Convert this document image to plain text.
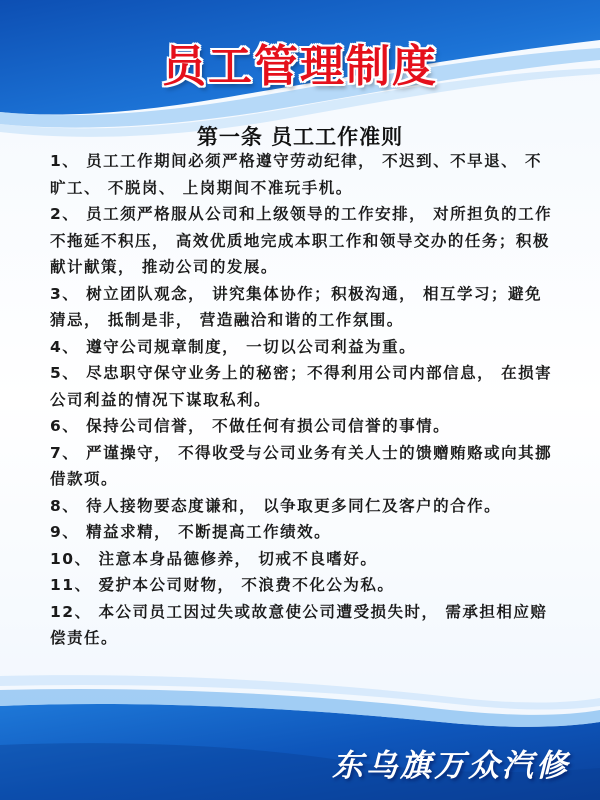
员工管理制度
第一条 员工工作准则

1、 员工工作期间必须严格遵守劳动纪律， 不迟到、不早退、 不旷工、 不脱岗、 上岗期间不准玩手机。

2、 员工须严格服从公司和上级领导的工作安排， 对所担负的工作不拖延不积压， 高效优质地完成本职工作和领导交办的任务；积极献计献策， 推动公司的发展。

3、 树立团队观念， 讲究集体协作；积极沟通， 相互学习；避免猜忌， 抵制是非， 营造融洽和谐的工作氛围。

4、 遵守公司规章制度， 一切以公司利益为重。

5、 尽忠职守保守业务上的秘密；不得利用公司内部信息， 在损害公司利益的情况下谋取私利。

6、 保持公司信誉， 不做任何有损公司信誉的事情。

7、 严谨操守， 不得收受与公司业务有关人士的馈赠贿赂或向其挪借款项。

8、 待人接物要态度谦和， 以争取更多同仁及客户的合作。

9、 精益求精， 不断提高工作绩效。

10、 注意本身品德修养， 切戒不良嗜好。

11、 爱护本公司财物， 不浪费不化公为私。

12、 本公司员工因过失或故意使公司遭受损失时， 需承担相应赔偿责任。

东乌旗万众汽修
